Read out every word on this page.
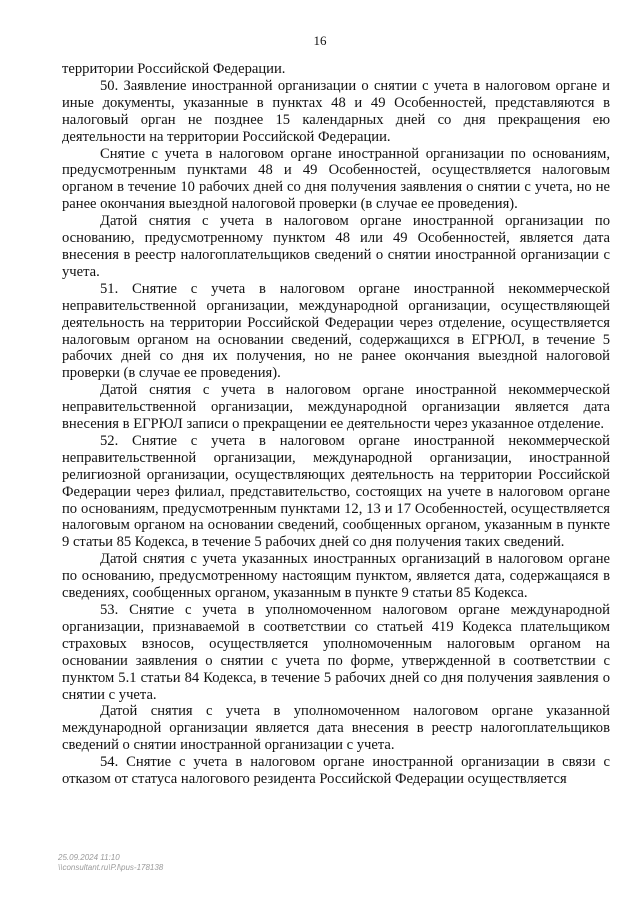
16

территории Российской Федерации.

50. Заявление иностранной организации о снятии с учета в налоговом органе и иные документы, указанные в пунктах 48 и 49 Особенностей, представляются в налоговый орган не позднее 15 календарных дней со дня прекращения ею деятельности на территории Российской Федерации.

Снятие с учета в налоговом органе иностранной организации по основаниям, предусмотренным пунктами 48 и 49 Особенностей, осуществляется налоговым органом в течение 10 рабочих дней со дня получения заявления о снятии с учета, но не ранее окончания выездной налоговой проверки (в случае ее проведения).

Датой снятия с учета в налоговом органе иностранной организации по основанию, предусмотренному пунктом 48 или 49 Особенностей, является дата внесения в реестр налогоплательщиков сведений о снятии иностранной организации с учета.

51. Снятие с учета в налоговом органе иностранной некоммерческой неправительственной организации, международной организации, осуществляющей деятельность на территории Российской Федерации через отделение, осуществляется налоговым органом на основании сведений, содержащихся в ЕГРЮЛ, в течение 5 рабочих дней со дня их получения, но не ранее окончания выездной налоговой проверки (в случае ее проведения).

Датой снятия с учета в налоговом органе иностранной некоммерческой неправительственной организации, международной организации является дата внесения в ЕГРЮЛ записи о прекращении ее деятельности через указанное отделение.

52. Снятие с учета в налоговом органе иностранной некоммерческой неправительственной организации, международной организации, иностранной религиозной организации, осуществляющих деятельность на территории Российской Федерации через филиал, представительство, состоящих на учете в налоговом органе по основаниям, предусмотренным пунктами 12, 13 и 17 Особенностей, осуществляется налоговым органом на основании сведений, сообщенных органом, указанным в пункте 9 статьи 85 Кодекса, в течение 5 рабочих дней со дня получения таких сведений.

Датой снятия с учета указанных иностранных организаций в налоговом органе по основанию, предусмотренному настоящим пунктом, является дата, содержащаяся в сведениях, сообщенных органом, указанным в пункте 9 статьи 85 Кодекса.

53. Снятие с учета в уполномоченном налоговом органе международной организации, признаваемой в соответствии со статьей 419 Кодекса плательщиком страховых взносов, осуществляется уполномоченным налоговым органом на основании заявления о снятии с учета по форме, утвержденной в соответствии с пунктом 5.1 статьи 84 Кодекса, в течение 5 рабочих дней со дня получения заявления о снятии с учета.

Датой снятия с учета в уполномоченном налоговом органе указанной международной организации является дата внесения в реестр налогоплательщиков сведений о снятии иностранной организации с учета.

54. Снятие с учета в налоговом органе иностранной организации в связи с отказом от статуса налогового резидента Российской Федерации осуществляется

25.09.2024 11:10
\\consultant.ru\P.l\pus-178138
